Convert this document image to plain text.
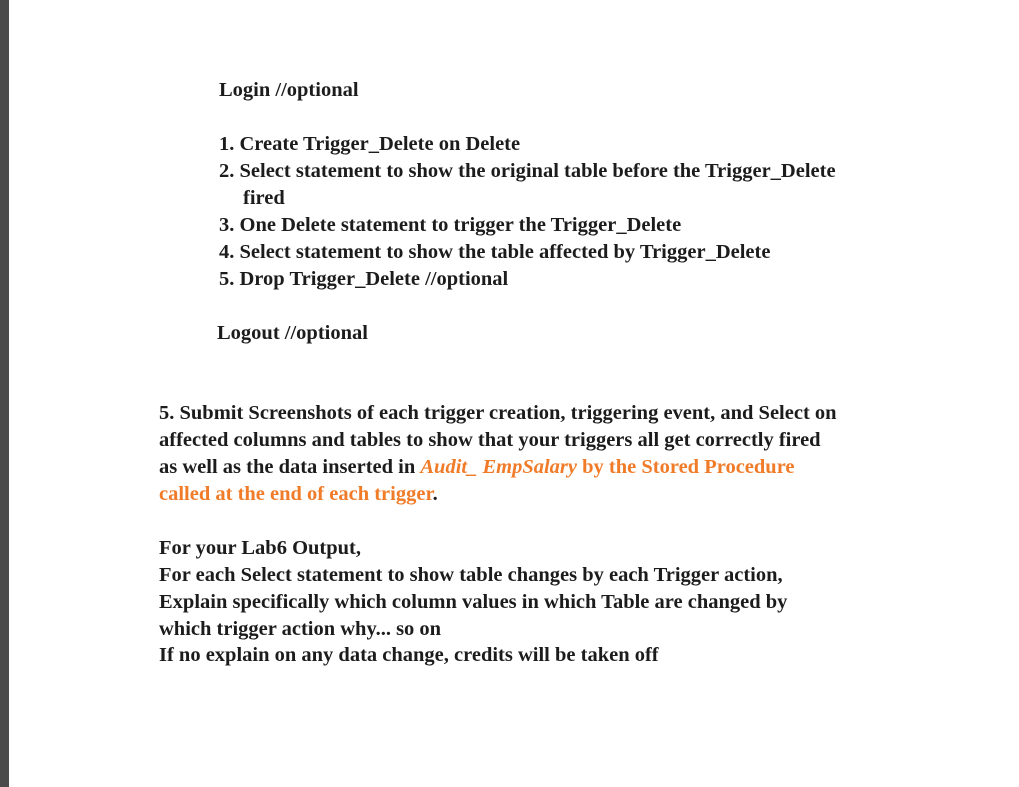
Login //optional
1. Create Trigger_Delete on Delete
2. Select statement to show the original table before the Trigger_Delete
fired
3. One Delete statement to trigger the Trigger_Delete
4. Select statement to show the table affected by Trigger_Delete
5. Drop Trigger_Delete //optional
Logout //optional
5. Submit Screenshots of each trigger creation, triggering event, and Select on
affected columns and tables to show that your triggers all get correctly fired
as well as the data inserted in Audit_ EmpSalary by the Stored Procedure
called at the end of each trigger.
For your Lab6 Output,
For each Select statement to show table changes by each Trigger action,
Explain specifically which column values in which Table are changed by
which trigger action why... so on
If no explain on any data change, credits will be taken off
